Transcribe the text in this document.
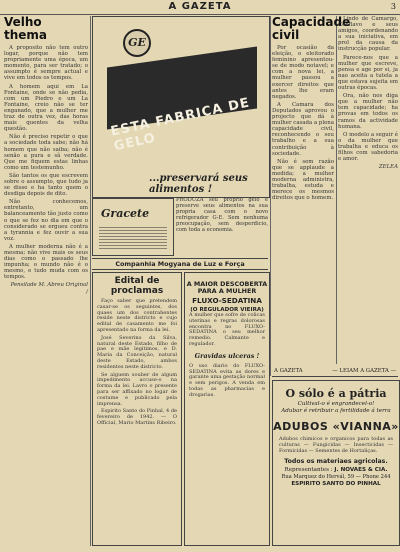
A GAZETA	3
Velho thema

A proposito não tem outro logar, porque não tem propriamente uma época, um momento, para ser tratado; o assumpto é sempre actual e vive em todos os tempos.

A homem aqui em La Fontaine, onde se não pedia, com um Piedro e um La Fontaine, creio não se ter enganado, que a mulher me traz de outra vez, das horas mais quentes da velha questão.

Não é preciso repetir o que a sociedade toda sabe; não há homem que não saiba; não é senão a pura e sã verdade. Que me fiquem estas linhas como um testemunho.

São tantos os que escrevem sobre o assumpto, que tudo ja se disse e ha tanto quem o desdiga depois de dito.

Não conhecemos, entretanto, um balanceamento tão justo como o que se fez no dia em que o considerado se ergueu contra a tyrannia e fez ouvir a sua voz.

A mulher moderna não é a mesma; não vive mais os seus dias como o passado lhe impunha; o mundo não é o mesmo, e tudo muda com os tempos.

Pensilade M. Abreu Original /

GE
ESTA FABRICA DE GELO
...preservará seus alimentos !
Gracete

PRODUZA seu proprio gelo e preserve seus alimentos na sua propria casa com o novo refrigerador G-E. Sem nenhuma preocupação, sem desperdicio, com toda a economia.

Companhia Mogyana de Luz e Força
Edital de proclamas

Faço saber que pretendem casar-se os seguintes, dos quaes um dos contrahentes reside neste districto e cujo edital de casamento me foi apresentado na forma da lei.

José Severino da Silva, natural deste Estado, filho de pae e mãe legitimos, e D. Maria da Conceição, natural deste Estado, ambos residentes neste districto.

Se alguem souber de algum impedimento accuse-o na forma da lei. Lavro o presente para ser affixado no logar de costume e publicado pela imprensa.

Espirito Santo do Pinhal, 4 de fevereiro de 1942. — O Official, Mario Martins Ribeiro.

A MAIOR DESCOBERTA PARA A MULHER
FLUXO-SEDATINA
(O REGULADOR VIEIRA)

A mulher que sofre de colicas uterinas e regras dolorosas encontra no FLUXO-SEDATINA o seu melhor remedio. Calmante e regulador.

Gravidas ulceras !

O uso diario do FLUXO-SEDATINA evita as dores e garante uma gestação normal e sem perigos. A venda em todas as pharmacias e drogarias.

Capacidade civil

Por ocasião da eleição, o eleitorado feminino apresentou-se de modo notavel; e com a nova lei, a mulher passou a exercer direitos que antes lhe eram negados.

A Camara dos Deputados aprovou o projecto que dá à mulher casada a plena capacidade civil, reconhecendo o seu trabalho e a sua contribuição à sociedade.

Não é sem razão que se applaude a medida; a mulher moderna administra, trabalha, estuda e merece os mesmos direitos que o homem.

Lindo de Camargo, Conflavo e seus amigos, coordenando a sua iniciativa, em prol da causa da instrucção popular.

Parece-nos que a mulher que escreve, pensa e age por si, ja nao aceita a tutela a que estava sujeita em outras épocas.

Ora, não nos diga que a mulher não tem capacidade; ha provas em todos os ramos da actividade humana.

O modelo a seguir é o da mulher que trabalha e educa os filhos com sabedoria e amor.

ZELEA

A GAZETA	— LEIAM A GAZETA —
O sólo é a pátria
Cultival-o é engrandecel-o!
Adubar é retribuir a fertilidade á terra
ADUBOS «VIANNA»
Adubos chimicos e organicos para todas as culturas — Fungicidas — Insecticidas — Formicidas — Sementes de Hortaliças.
Todos os materiaes agricolas.
Representantes : J. NOVAES & CIA.
Rua Marquez do Hervál, 59 — Phone 244
ESPIRITO SANTO DO PINHAL
